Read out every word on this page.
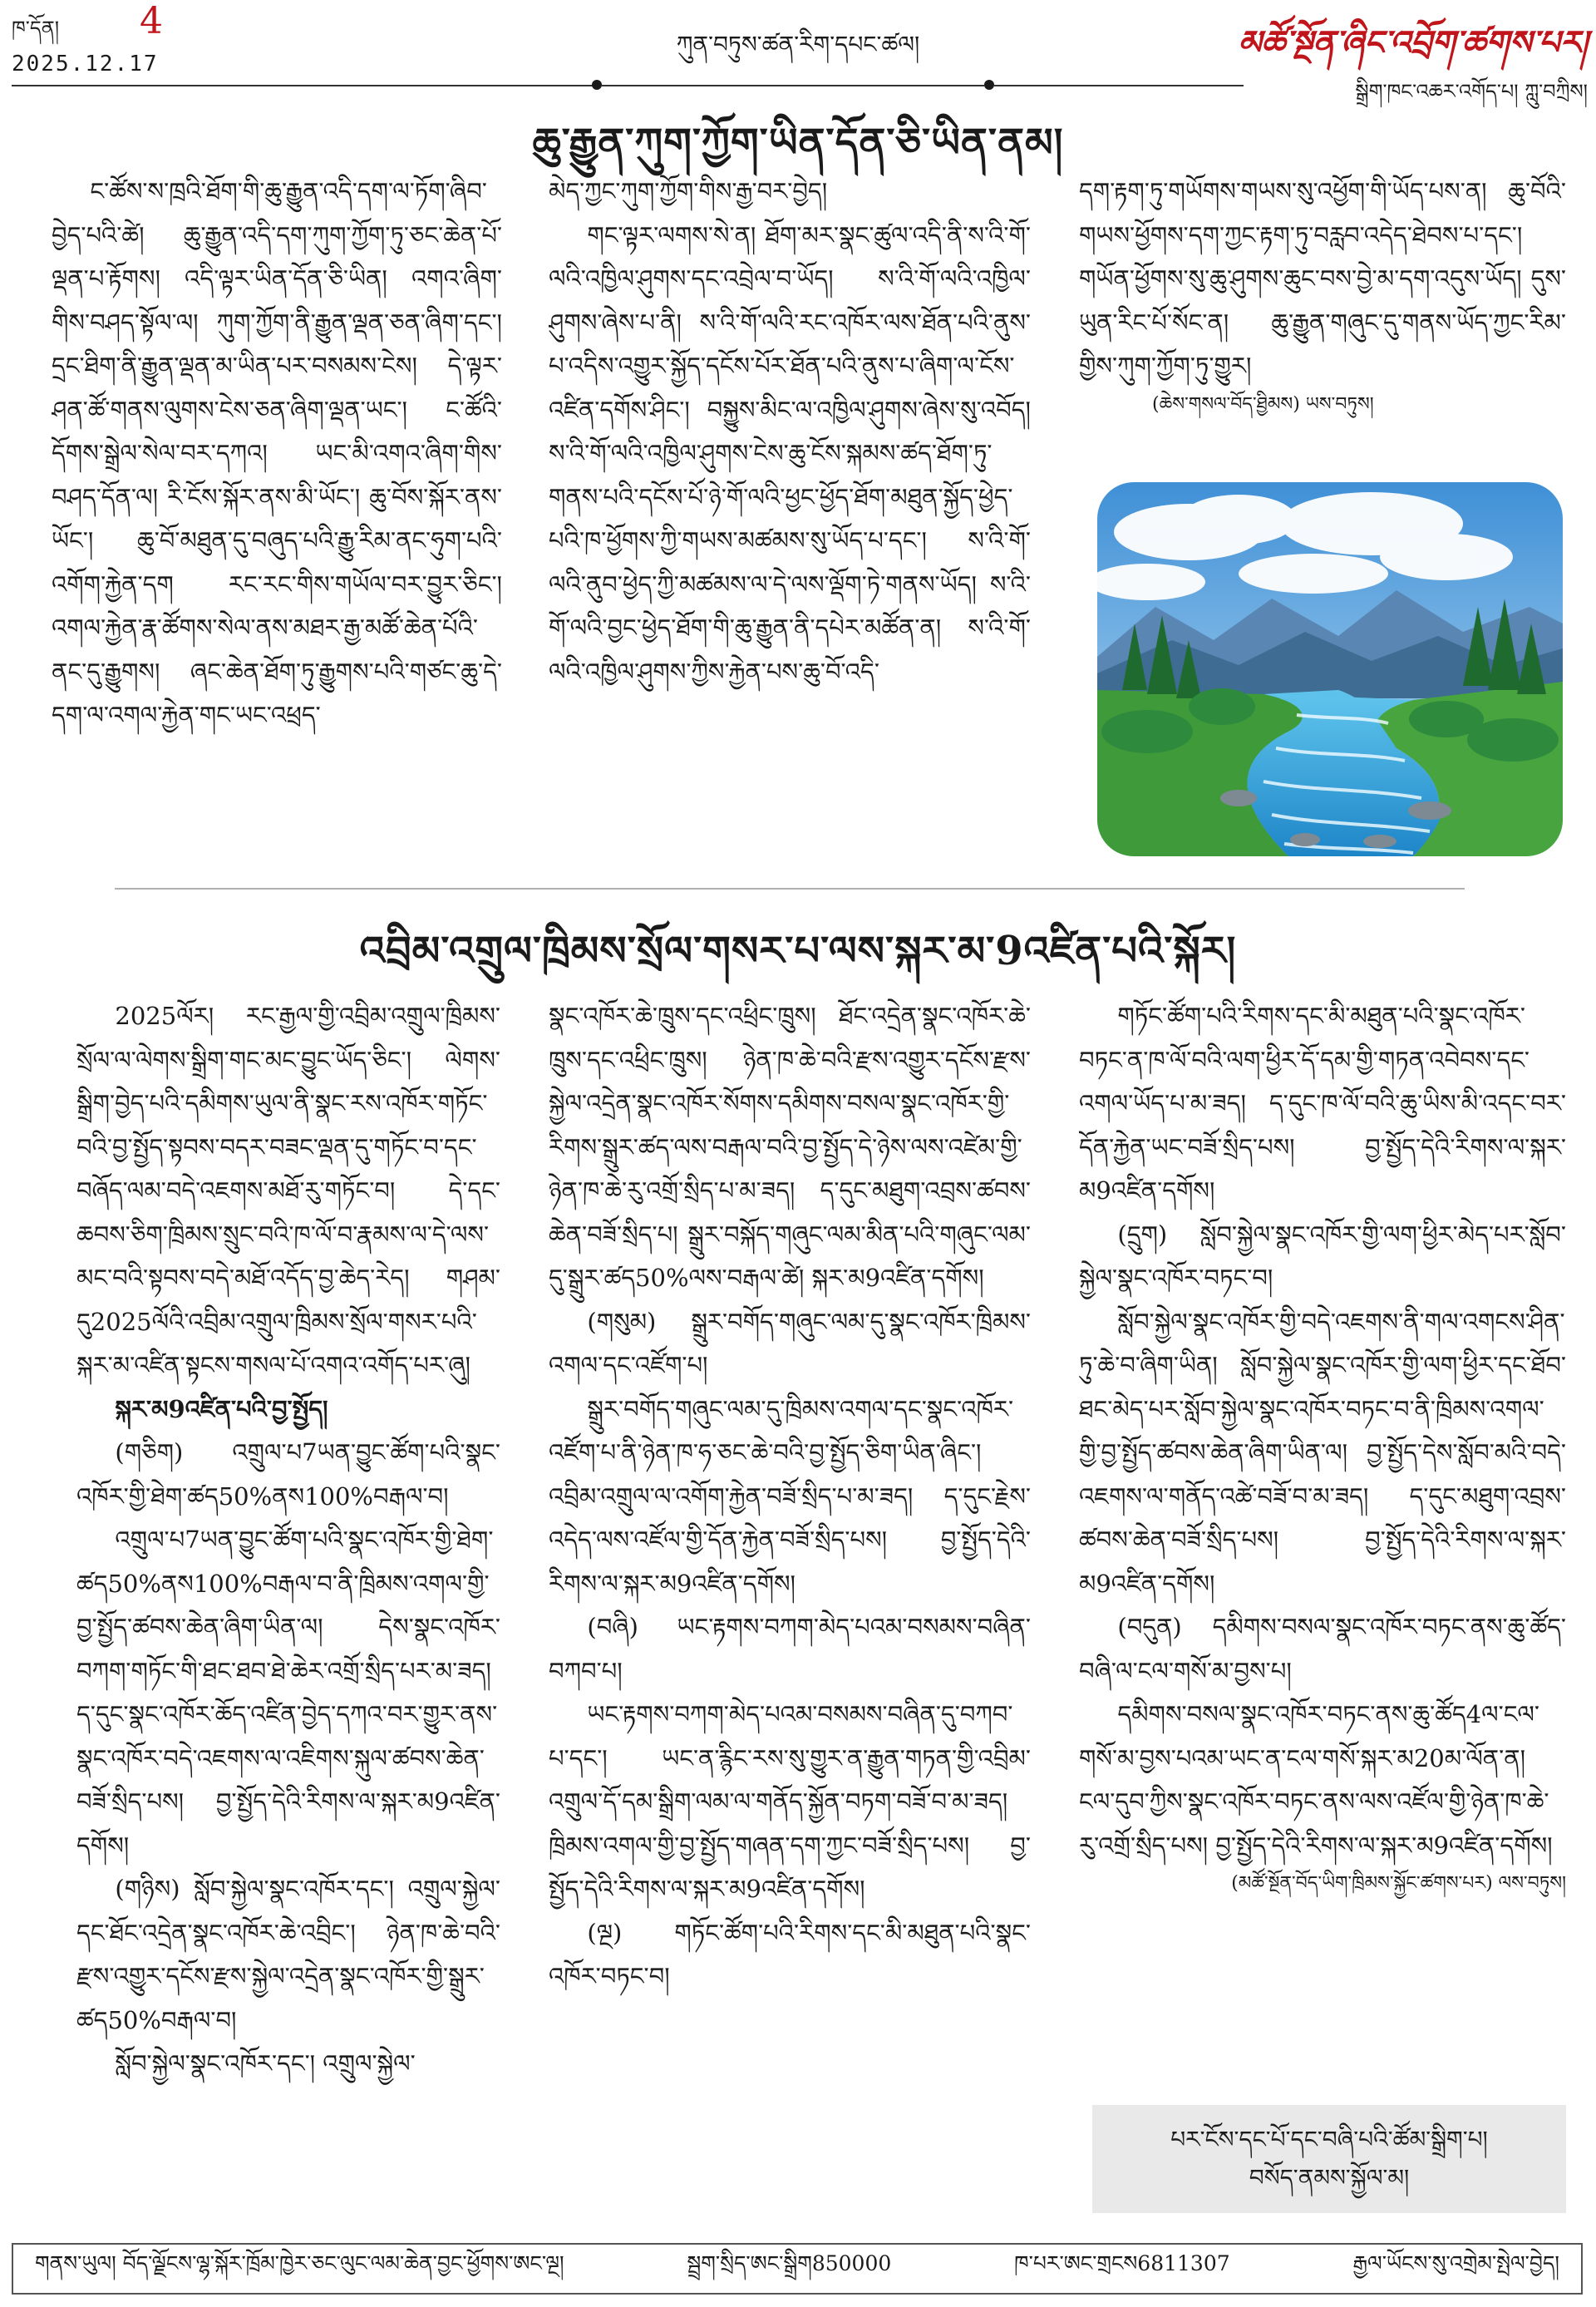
ཁ་དོན། 4
2025.12.17
ཀུན་བཏུས་ཚན་རིག་དཔང་ཚལ།	མཚོ་སྔོན་ཞིང་འབྲོག་ཚགས་པར།
སྒྲིག་ཁང་འཆར་འགོད་པ། ཀླུ་བཀྲིས།
ཆུ་རྒྱུན་ཀུག་ཀྱོག་ཡིན་དོན་ཅི་ཡིན་ནམ།

ང་ཚོས་ས་ཁྲའི་ཐོག་གི་ཆུ་རྒྱུན་འདི་དག་ལ་ཏོག་ཞིབ་བྱེད་པའི་ཚེ། ཆུ་རྒྱུན་འདི་དག་ཀུག་ཀྱོག་ཏུ་ཅང་ཆེན་པོ་ལྡན་པ་རྟོགས། འདི་ལྟར་ཡིན་དོན་ཅི་ཡིན། འགའ་ཞིག་གིས་བཤད་སྟོལ་ལ། ཀུག་ཀྱོག་ནི་རྒྱུན་ལྡན་ཅན་ཞིག་དང་། དྲང་ཐིག་ནི་རྒྱུན་ལྡན་མ་ཡིན་པར་བསམས་ངེས། དེ་ལྟར་ཤན་ཚོ་གནས་ལུགས་ངེས་ཅན་ཞིག་ལྡན་ཡང་། ང་ཚོའི་དོགས་སྒྲེལ་སེལ་བར་དཀའ། ཡང་མི་འགའ་ཞིག་གིས་བཤད་དོན་ལ། རི་ངོས་སྐོར་ནས་མི་ཡོང་། ཆུ་བོས་སྐོར་ནས་ཡོང་། ཆུ་བོ་མཐུན་དུ་བཞུད་པའི་རྒྱུ་རིམ་ནང་ཧུག་པའི་འགོག་རྐྱེན་དག རང་རང་གིས་གཡོལ་བར་བྱུར་ཅིང་། འགལ་རྐྱེན་རྣ་ཚོགས་སེལ་ནས་མཐར་རྒྱ་མཚོ་ཆེན་པོའི་ནང་དུ་རྒྱུགས། ཞང་ཆེན་ཐོག་ཏུ་རྒྱུགས་པའི་གཙང་ཆུ་དེ་དག་ལ་འགལ་རྐྱེན་གང་ཡང་འཕྲད་

མེད་ཀྱང་ཀུག་ཀྱོག་གིས་རྒྱ་བར་བྱེད།

གང་ལྟར་ལགས་སེ་ན། ཐོག་མར་སྣང་ཚུལ་འདི་ནི་ས་འི་གོ་ལའི་འཁྱིལ་ཤུགས་དང་འབྲེལ་བ་ཡོད། ས་འི་གོ་ལའི་འཁྱིལ་ཤུགས་ཞེས་པ་ནི། ས་འི་གོ་ལའི་རང་འཁོར་ལས་ཐོན་པའི་ནུས་པ་འདིས་འགྱུར་སྐྱོད་དངོས་པོར་ཐོན་པའི་ནུས་པ་ཞིག་ལ་ངོས་འཛིན་དགོས་ཤིང་། བསྐྱུས་མིང་ལ་འཁྱིལ་ཤུགས་ཞེས་སུ་འབོད། ས་འི་གོ་ལའི་འཁྱིལ་ཤུགས་ངེས་ཆུ་ངོས་སྐམས་ཚད་ཐོག་ཏུ་གནས་པའི་དངོས་པོ་ཉེ་གོ་ལའི་ཕྱང་ཕྱོད་ཐོག་མཐུན་སྐྱོད་ཕྱེད་པའི་ཁ་ཕྱོགས་ཀྱི་གཡས་མཚམས་སུ་ཡོད་པ་དང་། ས་འི་གོ་ལའི་ནུབ་ཕྱེད་ཀྱི་མཚམས་ལ་དེ་ལས་ལྡོག་ཏེ་གནས་ཡོད། ས་འི་གོ་ལའི་བྱང་ཕྱེད་ཐོག་གི་ཆུ་རྒྱུན་ནི་དཔེར་མཚོན་ན། ས་འི་གོ་ལའི་འཁྱིལ་ཤུགས་ཀྱིས་རྐྱེན་པས་ཆུ་བོ་འདི་

དག་རྟག་ཏུ་གཡོགས་གཡས་སུ་འཕྱོག་གི་ཡོད་པས་ན། ཆུ་བོའི་གཡས་ཕྱོགས་དག་ཀྱང་རྟག་ཏུ་བརླབ་འདེད་ཐེབས་པ་དང་། གཡོན་ཕྱོགས་སུ་ཆུ་ཤུགས་ཆུང་བས་བྱེ་མ་དག་འདུས་ཡོད། དུས་ཡུན་རིང་པོ་སོང་ན། ཆུ་རྒྱུན་གཞུང་དུ་གནས་ཡོད་ཀྱང་རིམ་གྱིས་ཀུག་ཀྱོག་ཏུ་གྱུར།

(ཆེས་གསལ་བོད་ཐྱིམས) ཡས་བཏུས།

འབྲིམ་འགྲུལ་ཁྲིམས་སྲོལ་གསར་པ་ལས་སྐར་མ་9འཛིན་པའི་སྐོར།

2025ལོར། རང་རྒྱལ་གྱི་འབྲིམ་འགྲུལ་ཁྲིམས་སྲོལ་ལ་ལེགས་སྒྲིག་གང་མང་བྱུང་ཡོད་ཅིང་། ལེགས་སྒྲིག་བྱེད་པའི་དམིགས་ཡུལ་ནི་སྣང་རས་འཁོར་གཏོང་བའི་བྱ་སྤྱོད་སྟབས་བདར་བཟང་ལྡན་དུ་གཏོང་བ་དང་བཞོད་ལམ་བདེ་འཇགས་མཐོ་རུ་གཏོང་བ། དེ་དང་ཆབས་ཅིག་ཁྲིམས་སྲུང་བའི་ཁ་ལོ་བ་རྣམས་ལ་དེ་ལས་མང་བའི་སྟབས་བདེ་མཐོ་འདོད་བྱ་ཆེད་རེད། གཤམ་དུ2025ལོའི་འབྲིམ་འགྲུལ་ཁྲིམས་སྲོལ་གསར་པའི་སྐར་མ་འཛིན་སྟངས་གསལ་པོ་འགའ་འགོད་པར་ཞུ།

སྐར་མ9འཛིན་པའི་བྱ་སྤྱོད།

(གཅིག) འགྲུལ་པ7ཡན་བྱུང་ཚོག་པའི་སྣང་འཁོར་གྱི་ཐེག་ཚད50%ནས100%བརྒལ་བ།

འགྲུལ་པ7ཡན་བྱུང་ཚོག་པའི་སྣང་འཁོར་གྱི་ཐེག་ཚད50%ནས100%བརྒལ་བ་ནི་ཁྲིམས་འགལ་གྱི་བྱ་སྤྱོད་ཚབས་ཆེན་ཞིག་ཡིན་ལ། དེས་སྣང་འཁོར་བཀག་གཏོང་གི་ཐང་ཐབ་ཐེ་ཆེར་འགྲོ་སྲིད་པར་མ་ཟད། ད་དུང་སྣང་འཁོར་ཆོད་འཛིན་བྱེད་དཀའ་བར་གྱུར་ནས་སྣང་འཁོར་བདེ་འཇགས་ལ་འཇིགས་སྐུལ་ཚབས་ཆེན་བཟོ་སྲིད་པས། བྱ་སྤྱོད་དེའི་རིགས་ལ་སྐར་མ9འཛིན་དགོས།

(གཉིས) སློབ་སྐྱེལ་སྣང་འཁོར་དང་། འགྲུལ་སྐྱེལ་དང་ཐོང་འདྲེན་སྣང་འཁོར་ཆེ་འབྲིང་། ཉེན་ཁ་ཆེ་བའི་རྫས་འགྱུར་དངོས་རྫས་སྐྱེལ་འདྲེན་སྣང་འཁོར་གྱི་སྒྲུར་ཚད50%བརྒལ་བ།

སློབ་སྐྱེལ་སྣང་འཁོར་དང་། འགྲུལ་སྐྱེལ་

སྣང་འཁོར་ཆེ་ཁྲུས་དང་འཕྲིང་ཁྲུས། ཐོང་འདྲེན་སྣང་འཁོར་ཆེ་ཁྲུས་དང་འཕྲིང་ཁྲུས། ཉེན་ཁ་ཆེ་བའི་རྫས་འགྱུར་དངོས་རྫས་སྐྱེལ་འདྲེན་སྣང་འཁོར་སོགས་དམིགས་བསལ་སྣང་འཁོར་གྱི་རིགས་སྒྲུར་ཚད་ལས་བརྒལ་བའི་བྱ་སྤྱོད་དེ་ཉེས་ལས་འཛེམ་གྱི་ཉེན་ཁ་ཆེ་རུ་འགྲོ་སྲིད་པ་མ་ཟད། ད་དུང་མཐུག་འབྲས་ཚབས་ཆེན་བཟོ་སྲིད་པ། སྒྲུར་བསྐོད་གཞུང་ལམ་མིན་པའི་གཞུང་ལམ་དུ་སྒྲུར་ཚད50%ལས་བརྒལ་ཚེ། སྐར་མ9འཛིན་དགོས།

(གསུམ) སྒྲུར་བགོད་གཞུང་ལམ་དུ་སྣང་འཁོར་ཁྲིམས་འགལ་དང་འཛོག་པ།

སྒྲུར་བགོད་གཞུང་ལམ་དུ་ཁྲིམས་འགལ་དང་སྣང་འཁོར་འཛོག་པ་ནི་ཉེན་ཁ་ཧ་ཅང་ཆེ་བའི་བྱ་སྤྱོད་ཅིག་ཡིན་ཞིང་། འབྲིམ་འགྲུལ་ལ་འགོག་རྐྱེན་བཟོ་སྲིད་པ་མ་ཟད། ད་དུང་རྗེས་འདེད་ལས་འཛོལ་གྱི་དོན་རྐྱེན་བཟོ་སྲིད་པས། བྱ་སྤྱོད་དེའི་རིགས་ལ་སྐར་མ9འཛིན་དགོས།

(བཞི) ཡང་རྟགས་བཀག་མེད་པའམ་བསམས་བཞིན་བཀབ་པ།

ཡང་རྟགས་བཀག་མེད་པའམ་བསམས་བཞིན་དུ་བཀབ་པ་དང་། ཡང་ན་རྙིང་རས་སུ་གྱུར་ན་རྒྱུན་གཏན་གྱི་འབྲིམ་འགྲུལ་དོ་དམ་སྒྲིག་ལམ་ལ་གནོད་སྐྱོན་བཏག་བཟོ་བ་མ་ཟད། ཁྲིམས་འགལ་གྱི་བྱ་སྤྱོད་གཞན་དག་ཀྱང་བཟོ་སྲིད་པས། བྱ་སྤྱོད་དེའི་རིགས་ལ་སྐར་མ9འཛིན་དགོས།

(ལྔ) གཏོང་ཚོག་པའི་རིགས་དང་མི་མཐུན་པའི་སྣང་འཁོར་བཏང་བ།

གཏོང་ཚོག་པའི་རིགས་དང་མི་མཐུན་པའི་སྣང་འཁོར་བཏང་ན་ཁ་ལོ་བའི་ལག་ཕྱིར་དོ་དམ་གྱི་གཏན་འབེབས་དང་འགལ་ཡོད་པ་མ་ཟད། ད་དུང་ཁ་ལོ་བའི་ཆུ་ཡིས་མི་འདང་བར་དོན་རྐྱེན་ཡང་བཟོ་སྲིད་པས། བྱ་སྤྱོད་དེའི་རིགས་ལ་སྐར་མ9འཛིན་དགོས།

(དྲུག) སློབ་སྐྱེལ་སྣང་འཁོར་གྱི་ལག་ཕྱིར་མེད་པར་སློབ་སྐྱེལ་སྣང་འཁོར་བཏང་བ།

སློབ་སྐྱེལ་སྣང་འཁོར་གྱི་བདེ་འཇགས་ནི་གལ་འགངས་ཤིན་ཏུ་ཆེ་བ་ཞིག་ཡིན། སློབ་སྐྱེལ་སྣང་འཁོར་གྱི་ལག་ཕྱིར་དང་ཐོབ་ཐང་མེད་པར་སློབ་སྐྱེལ་སྣང་འཁོར་བཏང་བ་ནི་ཁྲིམས་འགལ་གྱི་བྱ་སྤྱོད་ཚབས་ཆེན་ཞིག་ཡིན་ལ། བྱ་སྤྱོད་དེས་སློབ་མའི་བདེ་འཇགས་ལ་གནོད་འཚེ་བཟོ་བ་མ་ཟད། ད་དུང་མཐུག་འབྲས་ཚབས་ཆེན་བཟོ་སྲིད་པས། བྱ་སྤྱོད་དེའི་རིགས་ལ་སྐར་མ9འཛིན་དགོས།

(བདུན) དམིགས་བསལ་སྣང་འཁོར་བཏང་ནས་ཆུ་ཚོད་བཞི་ལ་ངལ་གསོ་མ་བྱས་པ།

དམིགས་བསལ་སྣང་འཁོར་བཏང་ནས་ཆུ་ཚོད4ལ་ངལ་གསོ་མ་བྱས་པའམ་ཡང་ན་ངལ་གསོ་སྐར་མ20མ་ལོན་ན། ངལ་དུབ་ཀྱིས་སྣང་འཁོར་བཏང་ནས་ལས་འཛོལ་གྱི་ཉེན་ཁ་ཆེ་རུ་འགྲོ་སྲིད་པས། བྱ་སྤྱོད་དེའི་རིགས་ལ་སྐར་མ9འཛིན་དགོས།

(མཚོ་སྔོན་བོད་ཡིག་ཁྲིམས་སྐྱོང་ཚགས་པར) ལས་བཏུས།

པར་ངོས་དང་པོ་དང་བཞི་པའི་ཚོམ་སྒྲིག་པ།
བསོད་ནམས་སྐྱོལ་མ།
གནས་ཡུལ། བོད་ལྗོངས་ལྷ་སྐོར་ཁྲོམ་ཁྱེར་ཅང་ལུང་ལམ་ཆེན་བྱང་ཕྱོགས་ཨང་ལྔ།	སྦྲག་སྲིད་ཨང་སྒྲིག850000	ཁ་པར་ཨང་གྲངས6811307	རྒྱལ་ཡོངས་སུ་འགྲེམ་སྤེལ་བྱེད།
